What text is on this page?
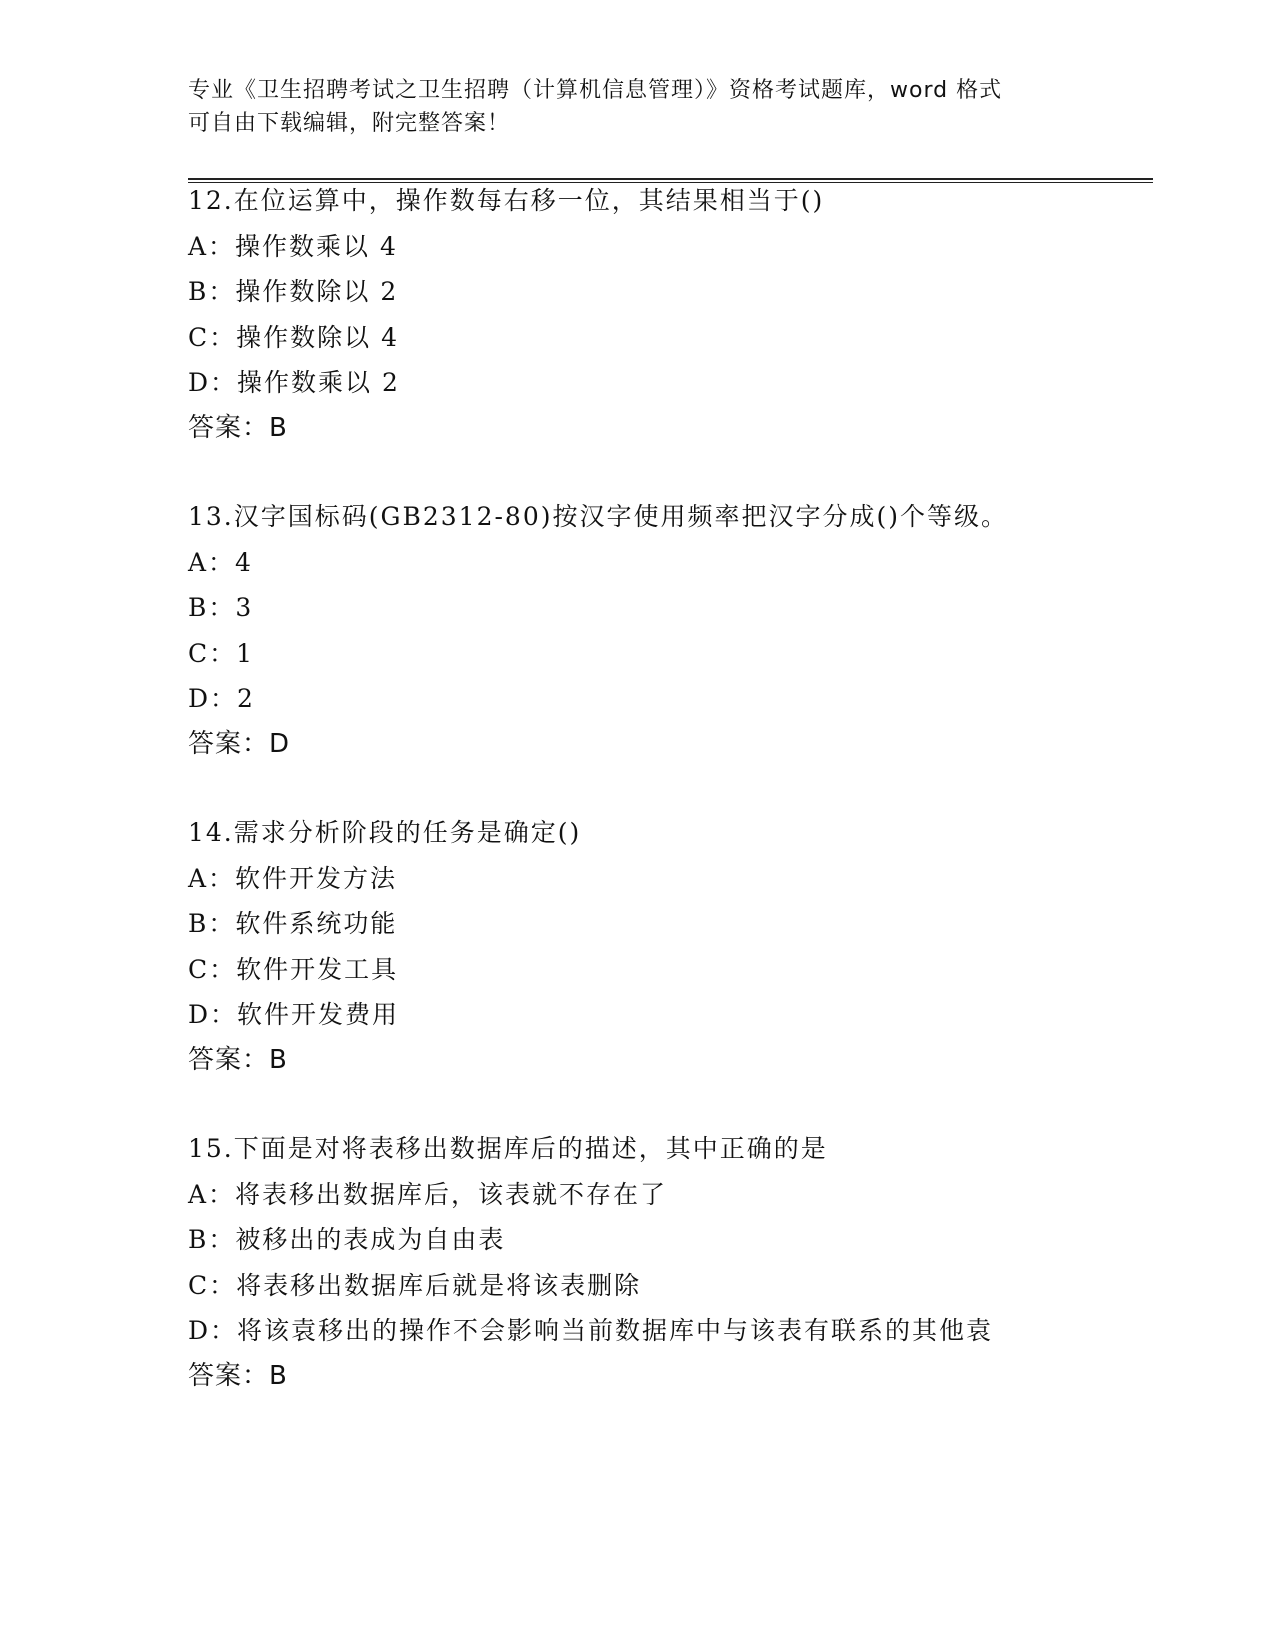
专业《卫生招聘考试之卫生招聘（计算机信息管理）》资格考试题库，word 格式
可自由下载编辑，附完整答案！
12.在位运算中，操作数每右移一位，其结果相当于()
A：操作数乘以 4
B：操作数除以 2
C：操作数除以 4
D：操作数乘以 2
答案：B
13.汉字国标码(GB2312-80)按汉字使用频率把汉字分成()个等级。
A：4
B：3
C：1
D：2
答案：D
14.需求分析阶段的任务是确定()
A：软件开发方法
B：软件系统功能
C：软件开发工具
D：软件开发费用
答案：B
15.下面是对将表移出数据库后的描述，其中正确的是
A：将表移出数据库后，该表就不存在了
B：被移出的表成为自由表
C：将表移出数据库后就是将该表删除
D：将该袁移出的操作不会影响当前数据库中与该表有联系的其他袁
答案：B
